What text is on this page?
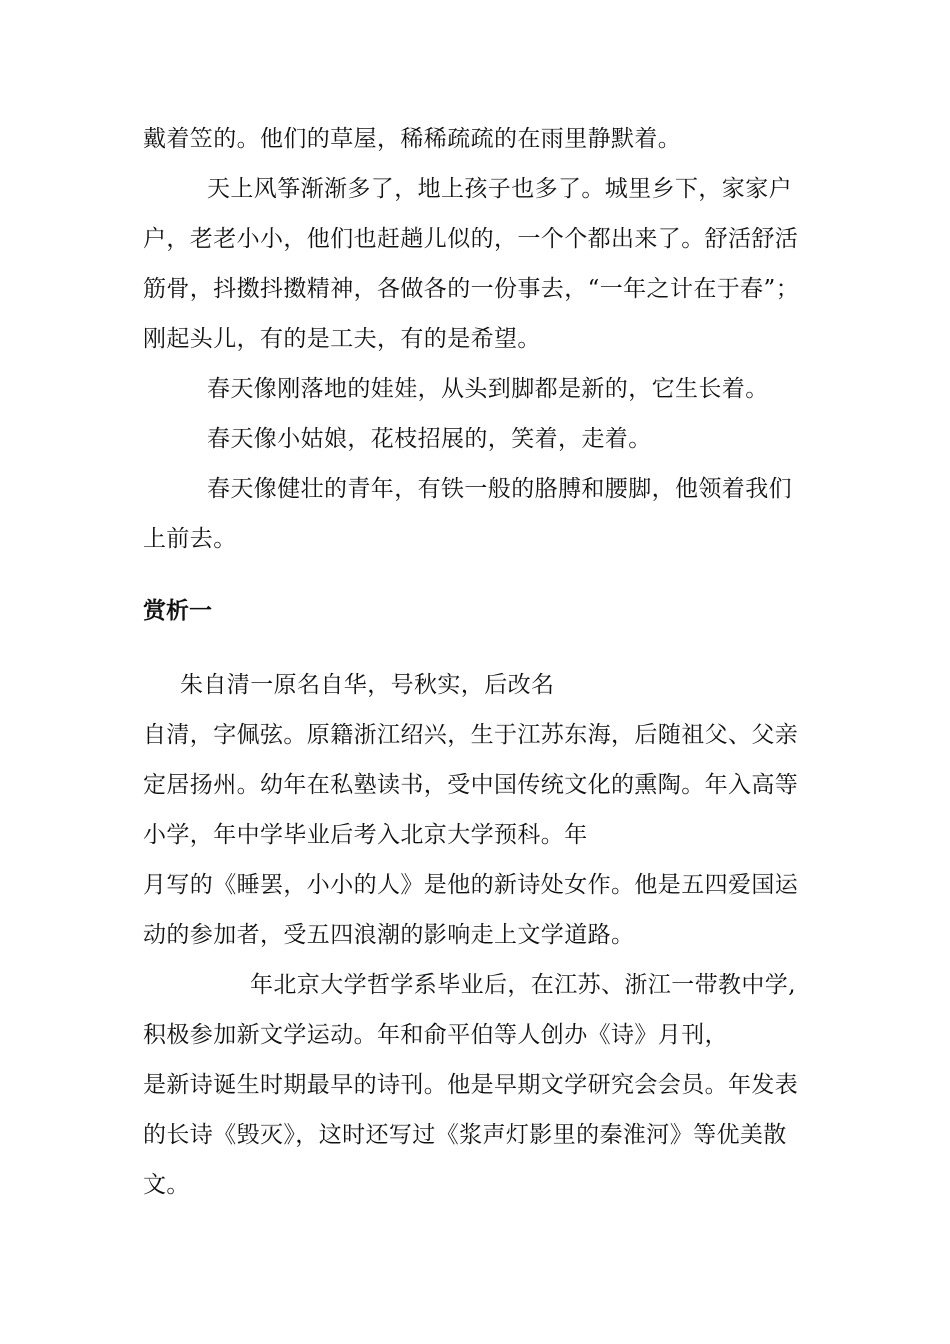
戴着笠的。他们的草屋，稀稀疏疏的在雨里静默着。
天上风筝渐渐多了，地上孩子也多了。城里乡下，家家户
户，老老小小，他们也赶趟儿似的，一个个都出来了。舒活舒活
筋骨，抖擞抖擞精神，各做各的一份事去，“一年之计在于春”；
刚起头儿，有的是工夫，有的是希望。
春天像刚落地的娃娃，从头到脚都是新的，它生长着。
春天像小姑娘，花枝招展的，笑着，走着。
春天像健壮的青年，有铁一般的胳膊和腰脚，他领着我们
上前去。
赏析一
朱自清一原名自华，号秋实，后改名
自清，字佩弦。原籍浙江绍兴，生于江苏东海，后随祖父、父亲
定居扬州。幼年在私塾读书，受中国传统文化的熏陶。年入高等
小学，年中学毕业后考入北京大学预科。年
月写的《睡罢，小小的人》是他的新诗处女作。他是五四爱国运
动的参加者，受五四浪潮的影响走上文学道路。
年北京大学哲学系毕业后，在江苏、浙江一带教中学,
积极参加新文学运动。年和俞平伯等人创办《诗》月刊，
是新诗诞生时期最早的诗刊。他是早期文学研究会会员。年发表
的长诗《毁灭》，这时还写过《浆声灯影里的秦淮河》等优美散
文。
